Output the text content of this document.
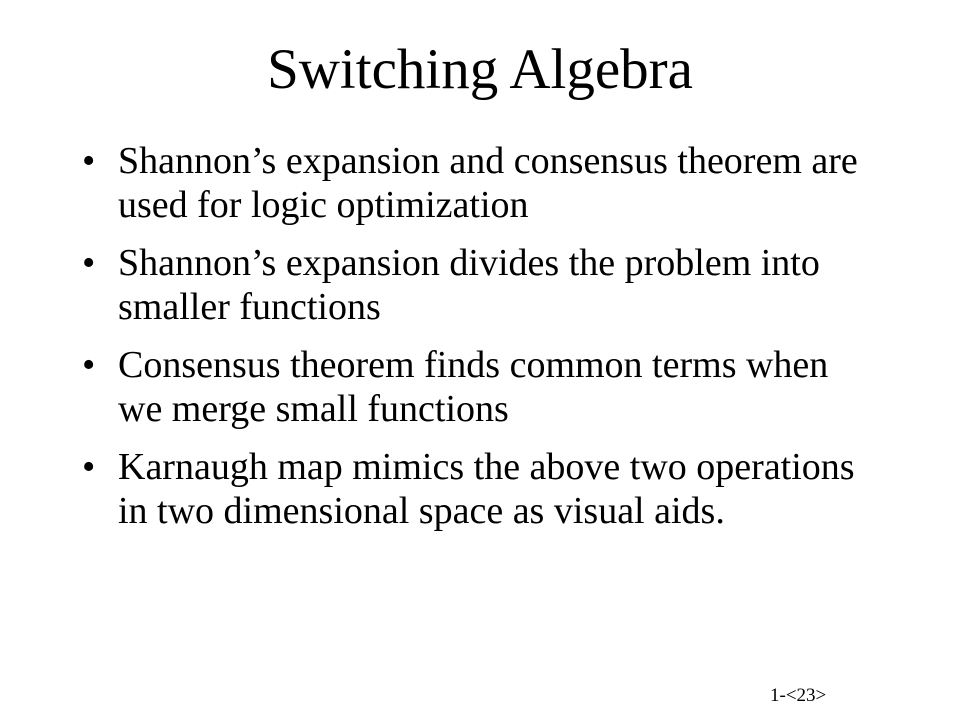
Switching Algebra
• Shannon’s expansion and consensus theorem are used for logic optimization
• Shannon’s expansion divides the problem into smaller functions
• Consensus theorem finds common terms when we merge small functions
• Karnaugh map mimics the above two operations in two dimensional space as visual aids.
1-<23>
